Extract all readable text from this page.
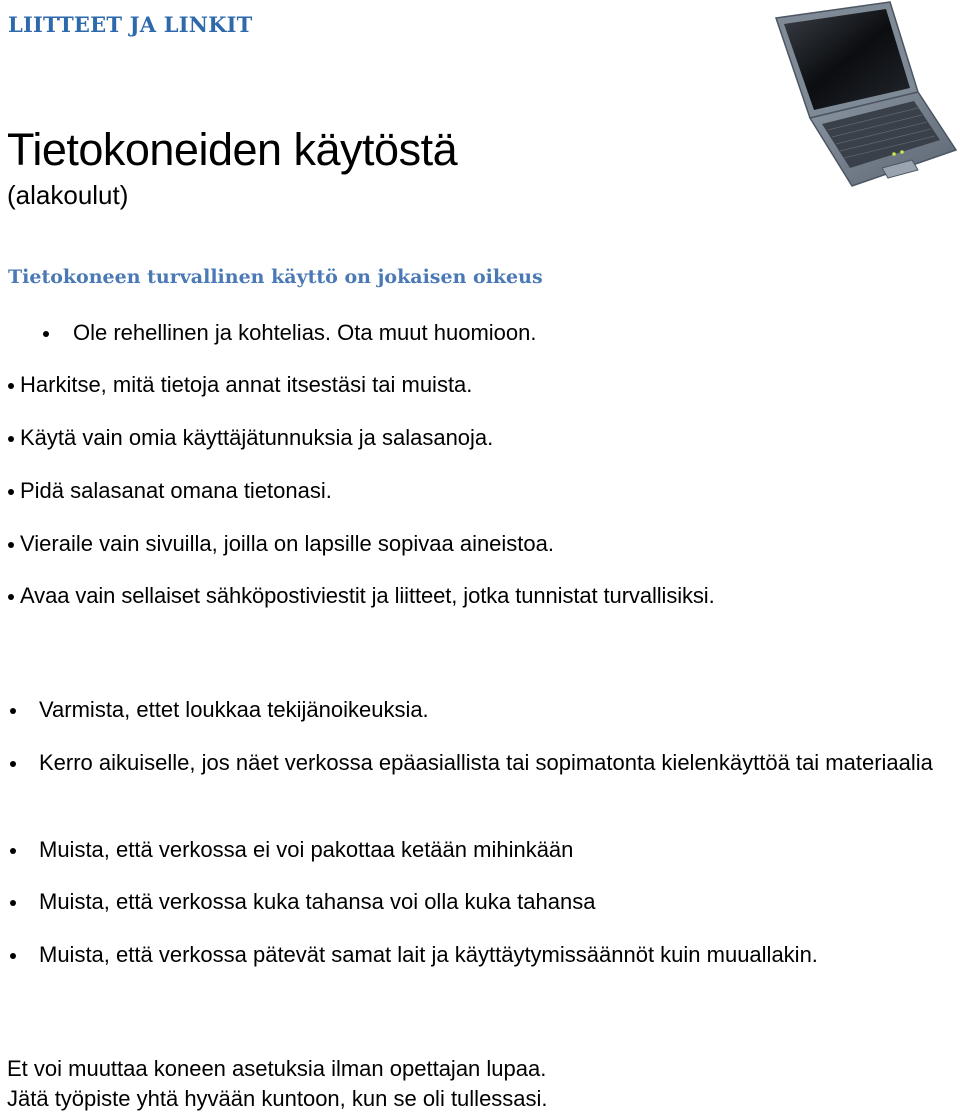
LIITTEET JA LINKIT
Tietokoneiden käytöstä
(alakoulut)
Tietokoneen turvallinen käyttö on jokaisen oikeus
Ole rehellinen ja kohtelias. Ota muut huomioon.
Harkitse, mitä tietoja annat itsestäsi tai muista.
Käytä vain omia käyttäjätunnuksia ja salasanoja.
Pidä salasanat omana tietonasi.
Vieraile vain sivuilla, joilla on lapsille sopivaa aineistoa.
Avaa vain sellaiset sähköpostiviestit ja liitteet, jotka tunnistat turvallisiksi.
Varmista, ettet loukkaa tekijänoikeuksia.
Kerro aikuiselle, jos näet verkossa epäasiallista tai sopimatonta kielenkäyttöä tai materiaalia
Muista, että verkossa ei voi pakottaa ketään mihinkään
Muista, että verkossa kuka tahansa voi olla kuka tahansa
Muista, että verkossa pätevät samat lait ja käyttäytymissäännöt kuin muuallakin.
Et voi muuttaa koneen asetuksia ilman opettajan lupaa.
Jätä työpiste yhtä hyvään kuntoon, kun se oli tullessasi.
